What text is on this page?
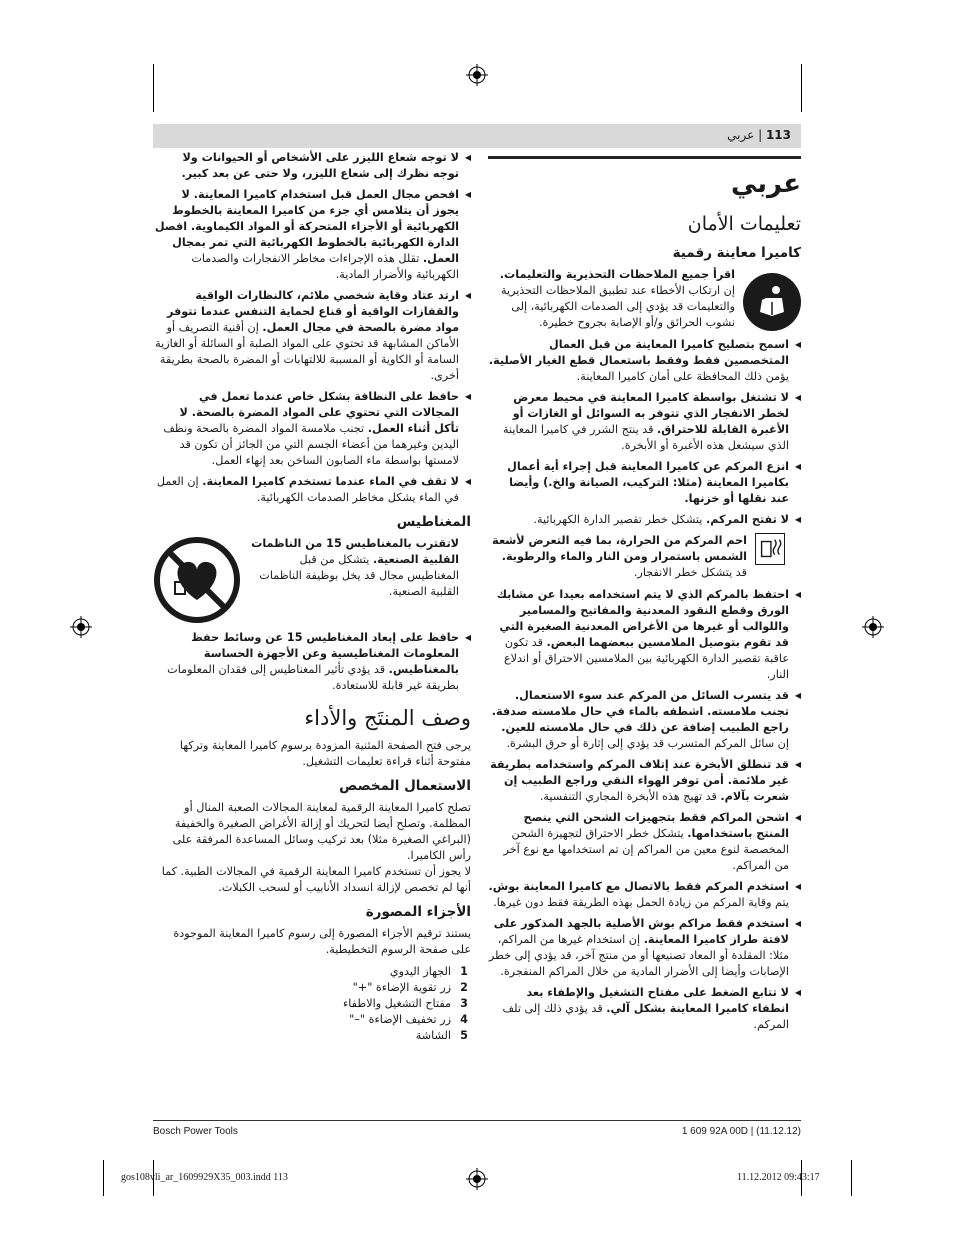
113 | عربي
عربي
تعليمات الأمان
كاميرا معاينة رقمية
اقرأ جميع الملاحظات التحذيرية والتعليمات. إن ارتكاب الأخطاء عند تطبيق الملاحظات التحذيرية والتعليمات قد يؤدي إلى الصدمات الكهربائية، إلى نشوب الحرائق و/أو الإصابة بجروح خطيرة.
◀ اسمح بتصليح كاميرا المعاينة من قبل العمال المتخصصين فقط وفقط باستعمال قطع الغيار الأصلية. يؤمن ذلك المحافظة على أمان كاميرا المعاينة.
◀ لا تشتغل بواسطة كاميرا المعاينة في محيط معرض لخطر الانفجار الذي تتوفر به السوائل أو الغازات أو الأغبرة القابلة للاحتراق. قد ينتج الشرر في كاميرا المعاينة الذي سيشعل هذه الأغبرة أو الأبخرة.
◀ انزع المركم عن كاميرا المعاينة قبل إجراء أية أعمال بكاميرا المعاينة (مثلا: التركيب، الصيانة والخ.) وأيضا عند نقلها أو خزنها.
◀ لا تفتح المركم. يتشكل خطر تقصير الدارة الكهربائية.
احم المركم من الحرارة، بما فيه التعرض لأشعة الشمس باستمرار ومن النار والماء والرطوبة. قد يتشكل خطر الانفجار.
◀ احتفظ بالمركم الذي لا يتم استخدامه بعيدا عن مشابك الورق وقطع النقود المعدنية والمفاتيح والمسامير واللوالب أو غيرها من الأغراض المعدنية الصغيرة التي قد تقوم بتوصيل الملامسين ببعضهما البعض. قد تكون عاقبة تقصير الدارة الكهربائية بين الملامسين الاحتراق أو اندلاع النار.
◀ قد يتسرب السائل من المركم عند سوء الاستعمال. تجنب ملامسته. اشطفه بالماء في حال ملامسته صدفة. راجع الطبيب إضافة عن ذلك في حال ملامسته للعين. إن سائل المركم المتسرب قد يؤدي إلى إثارة أو حرق البشرة.
◀ قد تنطلق الأبخرة عند إتلاف المركم واستخدامه بطريقة غير ملائمة. أمن توفر الهواء النقي وراجع الطبيب إن شعرت بآلام. قد تهيج هذه الأبخرة المجاري التنفسية.
◀ اشحن المراكم فقط بتجهيزات الشحن التي ينصح المنتج باستخدامها. يتشكل خطر الاحتراق لتجهيزة الشحن المخصصة لنوع معين من المراكم إن تم استخدامها مع نوع آخر من المراكم.
◀ استخدم المركم فقط بالاتصال مع كاميرا المعاينة بوش. يتم وقاية المركم من زيادة الحمل بهذه الطريقة فقط دون غيرها.
◀ استخدم فقط مراكم بوش الأصلية بالجهد المذكور على لافتة طراز كاميرا المعاينة. إن استخدام غيرها من المراكم، مثلا: المقلدة أو المعاد تصنيعها أو من منتج آخر، قد يؤدي إلى خطر الإصابات وأيضا إلى الأضرار المادية من خلال المراكم المنفجرة.
◀ لا تتابع الضغط على مفتاح التشغيل والإطفاء بعد انطفاء كاميرا المعاينة بشكل آلي. قد يؤدي ذلك إلى تلف المركم.
◀ لا توجه شعاع الليزر على الأشخاص أو الحيوانات ولا توجه نظرك إلى شعاع الليزر، ولا حتى عن بعد كبير.
◀ افحص مجال العمل قبل استخدام كاميرا المعاينة. لا يجوز أن يتلامس أي جزء من كاميرا المعاينة بالخطوط الكهربائية أو الأجزاء المتحركة أو المواد الكيماوية. افصل الدارة الكهربائية بالخطوط الكهربائية التي تمر بمجال العمل. تقلل هذه الإجراءات مخاطر الانفجارات والصدمات الكهربائية والأضرار المادية.
◀ ارتد عتاد وقاية شخصي ملائم، كالنظارات الواقية والقفازات الواقية أو قناع لحماية التنفس عندما تتوفر مواد مضرة بالصحة في مجال العمل. إن أقنية التصريف أو الأماكن المشابهة قد تحتوي على المواد الصلبة أو السائلة أو الغازية السامة أو الكاوية أو المسببة للالتهابات أو المضرة بالصحة بطريقة أخرى.
◀ حافظ على النظافة بشكل خاص عندما تعمل في المجالات التي تحتوي على المواد المضرة بالصحة. لا تأكل أثناء العمل. تجنب ملامسة المواد المضرة بالصحة ونظف اليدين وغيرهما من أعضاء الجسم التي من الجائز أن تكون قد لامستها بواسطة ماء الصابون الساخن بعد إنهاء العمل.
◀ لا تقف في الماء عندما تستخدم كاميرا المعاينة. إن العمل في الماء يشكل مخاطر الصدمات الكهربائية.
المغناطيس
لاتقترب بالمغناطيس 15 من الناظمات القلبية الصنعية. يتشكل من قبل المغناطيس مجال قد يخل بوظيفة الناظمات القلبية الصنعية.
◀ حافظ على إبعاد المغناطيس 15 عن وسائط حفظ المعلومات المغناطيسية وعن الأجهزة الحساسة بالمغناطيس. قد يؤدي تأثير المغناطيس إلى فقدان المعلومات بطريقة غير قابلة للاستعادة.
وصف المنتَج والأداء

يرجى فتح الصفحة المثنية المزودة برسوم كاميرا المعاينة وتركها مفتوحة أثناء قراءة تعليمات التشغيل.

الاستعمال المخصص

تصلح كاميرا المعاينة الرقمية لمعاينة المجالات الصعبة المنال أو المظلمة. وتصلح أيضا لتحريك أو إزالة الأغراض الصغيرة والخفيفة (البراغي الصغيرة مثلا) بعد تركيب وسائل المساعدة المرفقة على رأس الكاميرا.

لا يجوز أن تستخدم كاميرا المعاينة الرقمية في المجالات الطبية. كما أنها لم تخصص لإزالة انسداد الأنابيب أو لسحب الكبلات.

الأجزاء المصورة

يستند ترقيم الأجزاء المصورة إلى رسوم كاميرا المعاينة الموجودة على صفحة الرسوم التخطيطية.

1
الجهاز اليدوي
2
زر تقوية الإضاءة "+"
3
مفتاح التشغيل والاطفاء
4
زر تخفيف الإضاءة "–"
5
الشاشة
Bosch Power Tools	1 609 92A 00D | (11.12.12)
gos108vli_ar_1609929X35_003.indd 113	11.12.2012 09:43:17
